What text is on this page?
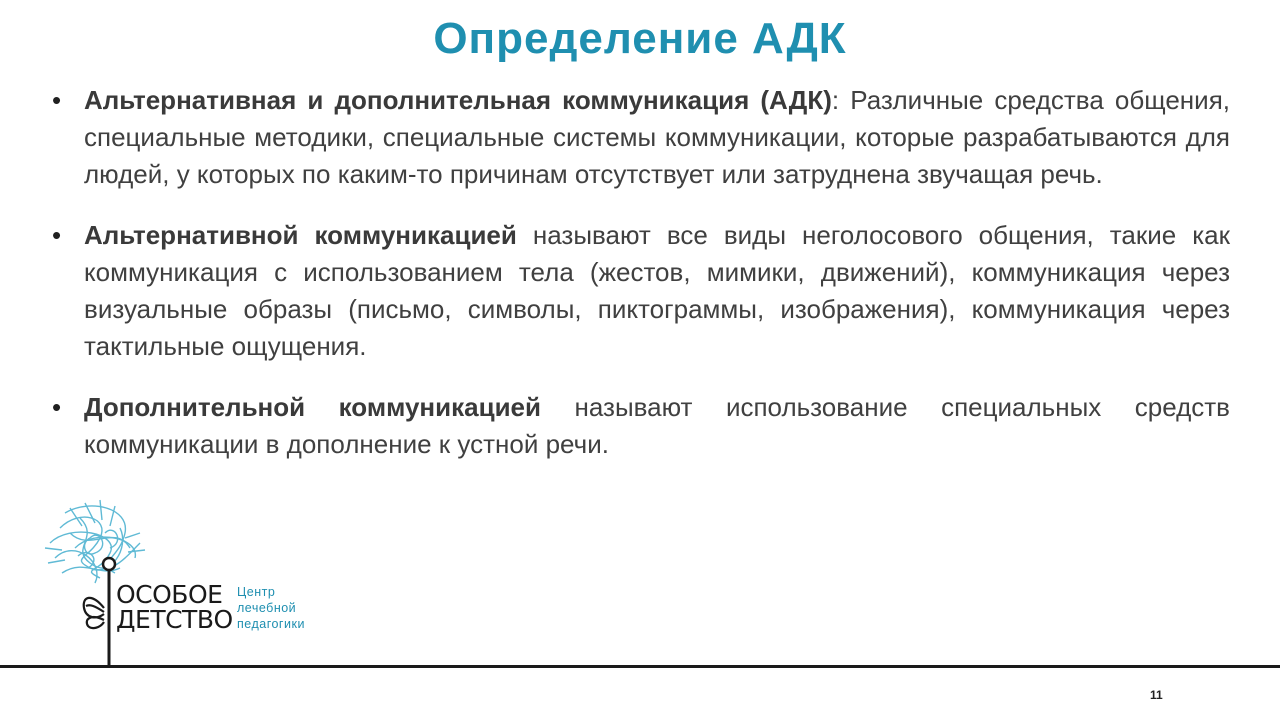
Определение АДК
• Альтернативная и дополнительная коммуникация (АДК): Различные средства общения, специальные методики, специальные системы коммуникации, которые разрабатываются для людей, у которых по каким-то причинам отсутствует или затруднена звучащая речь.
• Альтернативной коммуникацией называют все виды неголосового общения, такие как коммуникация с использованием тела (жестов, мимики, движений), коммуникация через визуальные образы (письмо, символы, пиктограммы, изображения), коммуникация через тактильные ощущения.
• Дополнительной коммуникацией называют использование специальных средств коммуникации в дополнение к устной речи.
ОСОБОЕ
ДЕТСТВО
Центр
лечебной
педагогики
11
